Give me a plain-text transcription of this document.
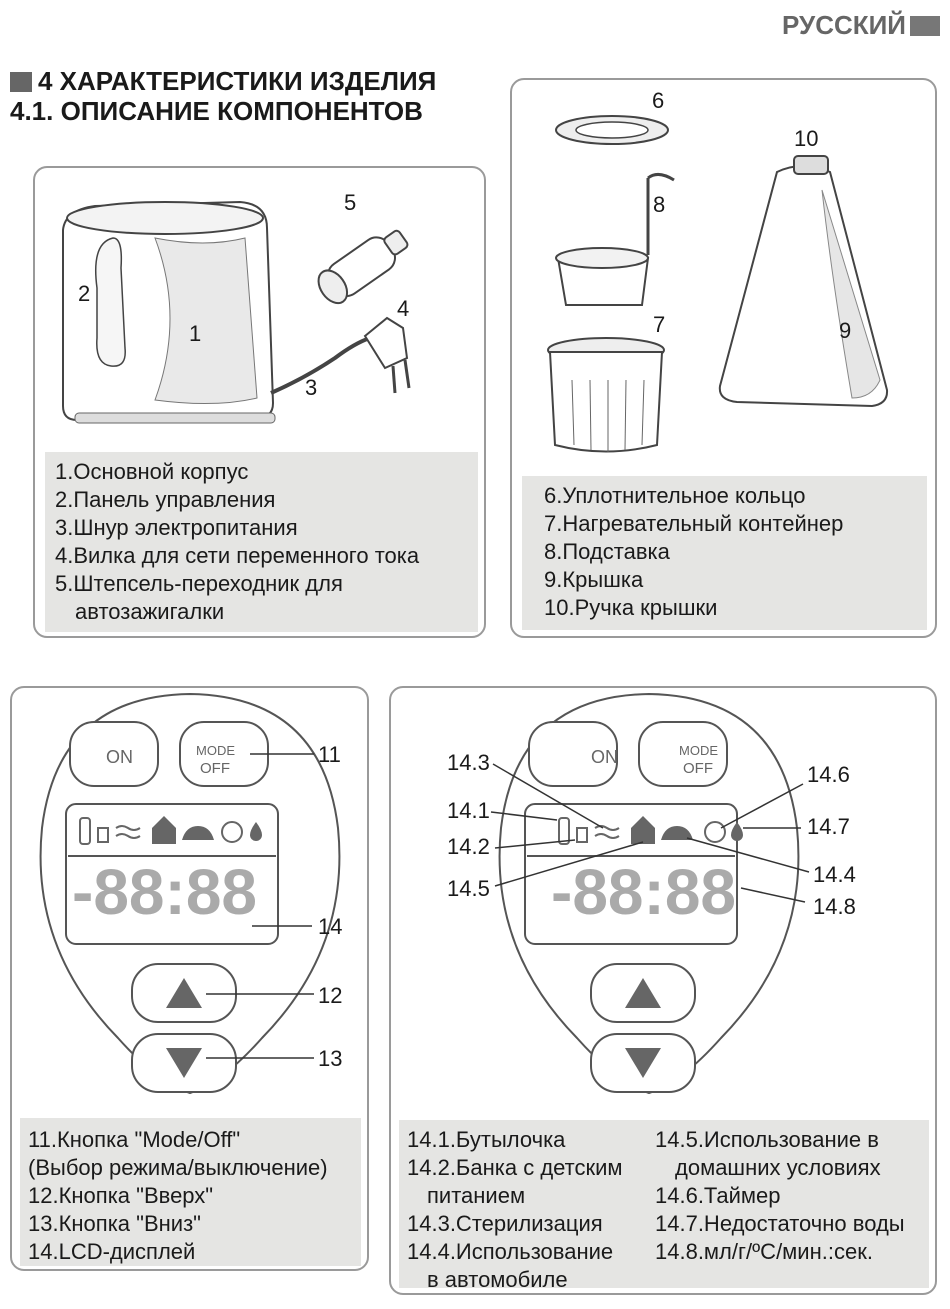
РУССКИЙ
4 ХАРАКТЕРИСТИКИ ИЗДЕЛИЯ
4.1. ОПИСАНИЕ КОМПОНЕНТОВ
1
2
3
4
5
1.Основной корпус
2.Панель управления
3.Шнур электропитания
4.Вилка для сети переменного тока
5.Штепсель-переходник для
автозажигалки
6
7
8
9
10
6.Уплотнительное кольцо
7.Нагревательный контейнер
8.Подставка
9.Крышка
10.Ручка крышки
-88:88
ON	MODE
OFF
11
14
12
13
11.Кнопка "Mode/Off"
(Выбор режима/выключение)
12.Кнопка "Вверх"
13.Кнопка "Вниз"
14.LCD-дисплей
-88:88
ON	MODE
OFF
14.3
14.1
14.2
14.5
14.6
14.7
14.4
14.8
14.1.Бутылочка
14.2.Банка с детским
питанием
14.3.Стерилизация
14.4.Использование
в автомобиле
14.5.Использование в
домашних условиях
14.6.Таймер
14.7.Недостаточно воды
14.8.мл/г/ºС/мин.:сек.
